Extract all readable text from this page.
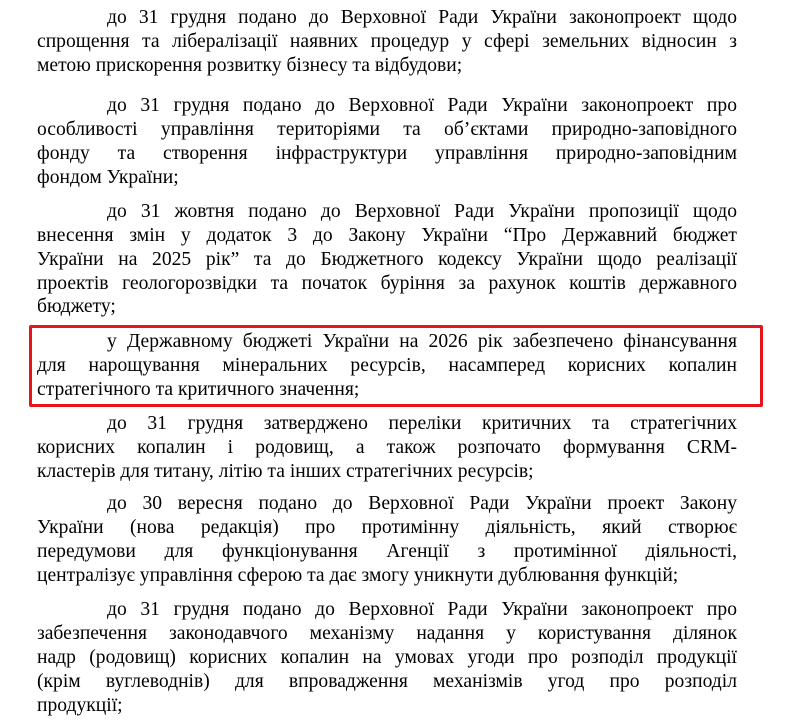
до 31 грудня подано до Верховної Ради України законопроект щодо
спрощення та лібералізації наявних процедур у сфері земельних відносин з
метою прискорення розвитку бізнесу та відбудови;
до 31 грудня подано до Верховної Ради України законопроект про
особливості управління територіями та об’єктами природно-заповідного
фонду та створення інфраструктури управління природно-заповідним
фондом України;
до 31 жовтня подано до Верховної Ради України пропозиції щодо
внесення змін у додаток 3 до Закону України “Про Державний бюджет
України на 2025 рік” та до Бюджетного кодексу України щодо реалізації
проектів геологорозвідки та початок буріння за рахунок коштів державного
бюджету;
у Державному бюджеті України на 2026 рік забезпечено фінансування
для нарощування мінеральних ресурсів, насамперед корисних копалин
стратегічного та критичного значення;
до 31 грудня затверджено переліки критичних та стратегічних
корисних копалин і родовищ, а також розпочато формування CRM-
кластерів для титану, літію та інших стратегічних ресурсів;
до 30 вересня подано до Верховної Ради України проект Закону
України (нова редакція) про протимінну діяльність, який створює
передумови для функціонування Агенції з протимінної діяльності,
централізує управління сферою та дає змогу уникнути дублювання функцій;
до 31 грудня подано до Верховної Ради України законопроект про
забезпечення законодавчого механізму надання у користування ділянок
надр (родовищ) корисних копалин на умовах угоди про розподіл продукції
(крім вуглеводнів) для впровадження механізмів угод про розподіл
продукції;
